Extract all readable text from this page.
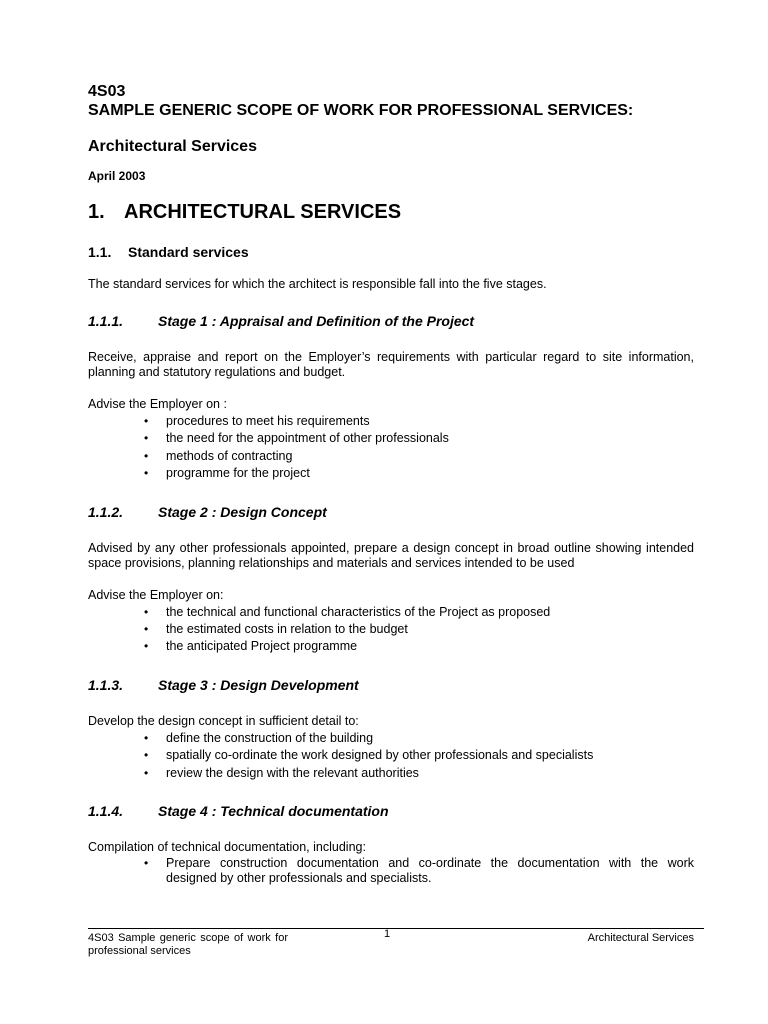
4S03
SAMPLE GENERIC SCOPE OF WORK FOR PROFESSIONAL SERVICES:
Architectural Services
April 2003
1. ARCHITECTURAL SERVICES
1.1.	Standard services
The standard services for which the architect is responsible fall into the five stages.
1.1.1.	Stage 1 : Appraisal and Definition of the Project
Receive, appraise and report on the Employer’s requirements with particular regard to site information, planning and statutory regulations and budget.
Advise the Employer on :
• procedures to meet his requirements
• the need for the appointment of other professionals
• methods of contracting
• programme for the project
1.1.2.	Stage 2 : Design Concept
Advised by any other professionals appointed, prepare a design concept in broad outline showing intended space provisions, planning relationships and materials and services intended to be used
Advise the Employer on:
• the technical and functional characteristics of the Project as proposed
• the estimated costs in relation to the budget
• the anticipated Project programme
1.1.3.	Stage 3 : Design Development
Develop the design concept in sufficient detail to:
• define the construction of the building
• spatially co-ordinate the work designed by other professionals and specialists
• review the design with the relevant authorities
1.1.4.	Stage 4 : Technical documentation
Compilation of technical documentation, including:
• Prepare construction documentation and co-ordinate the documentation with the work designed by other professionals and specialists.
4S03 Sample generic scope of work for professional services
1	Architectural Services
